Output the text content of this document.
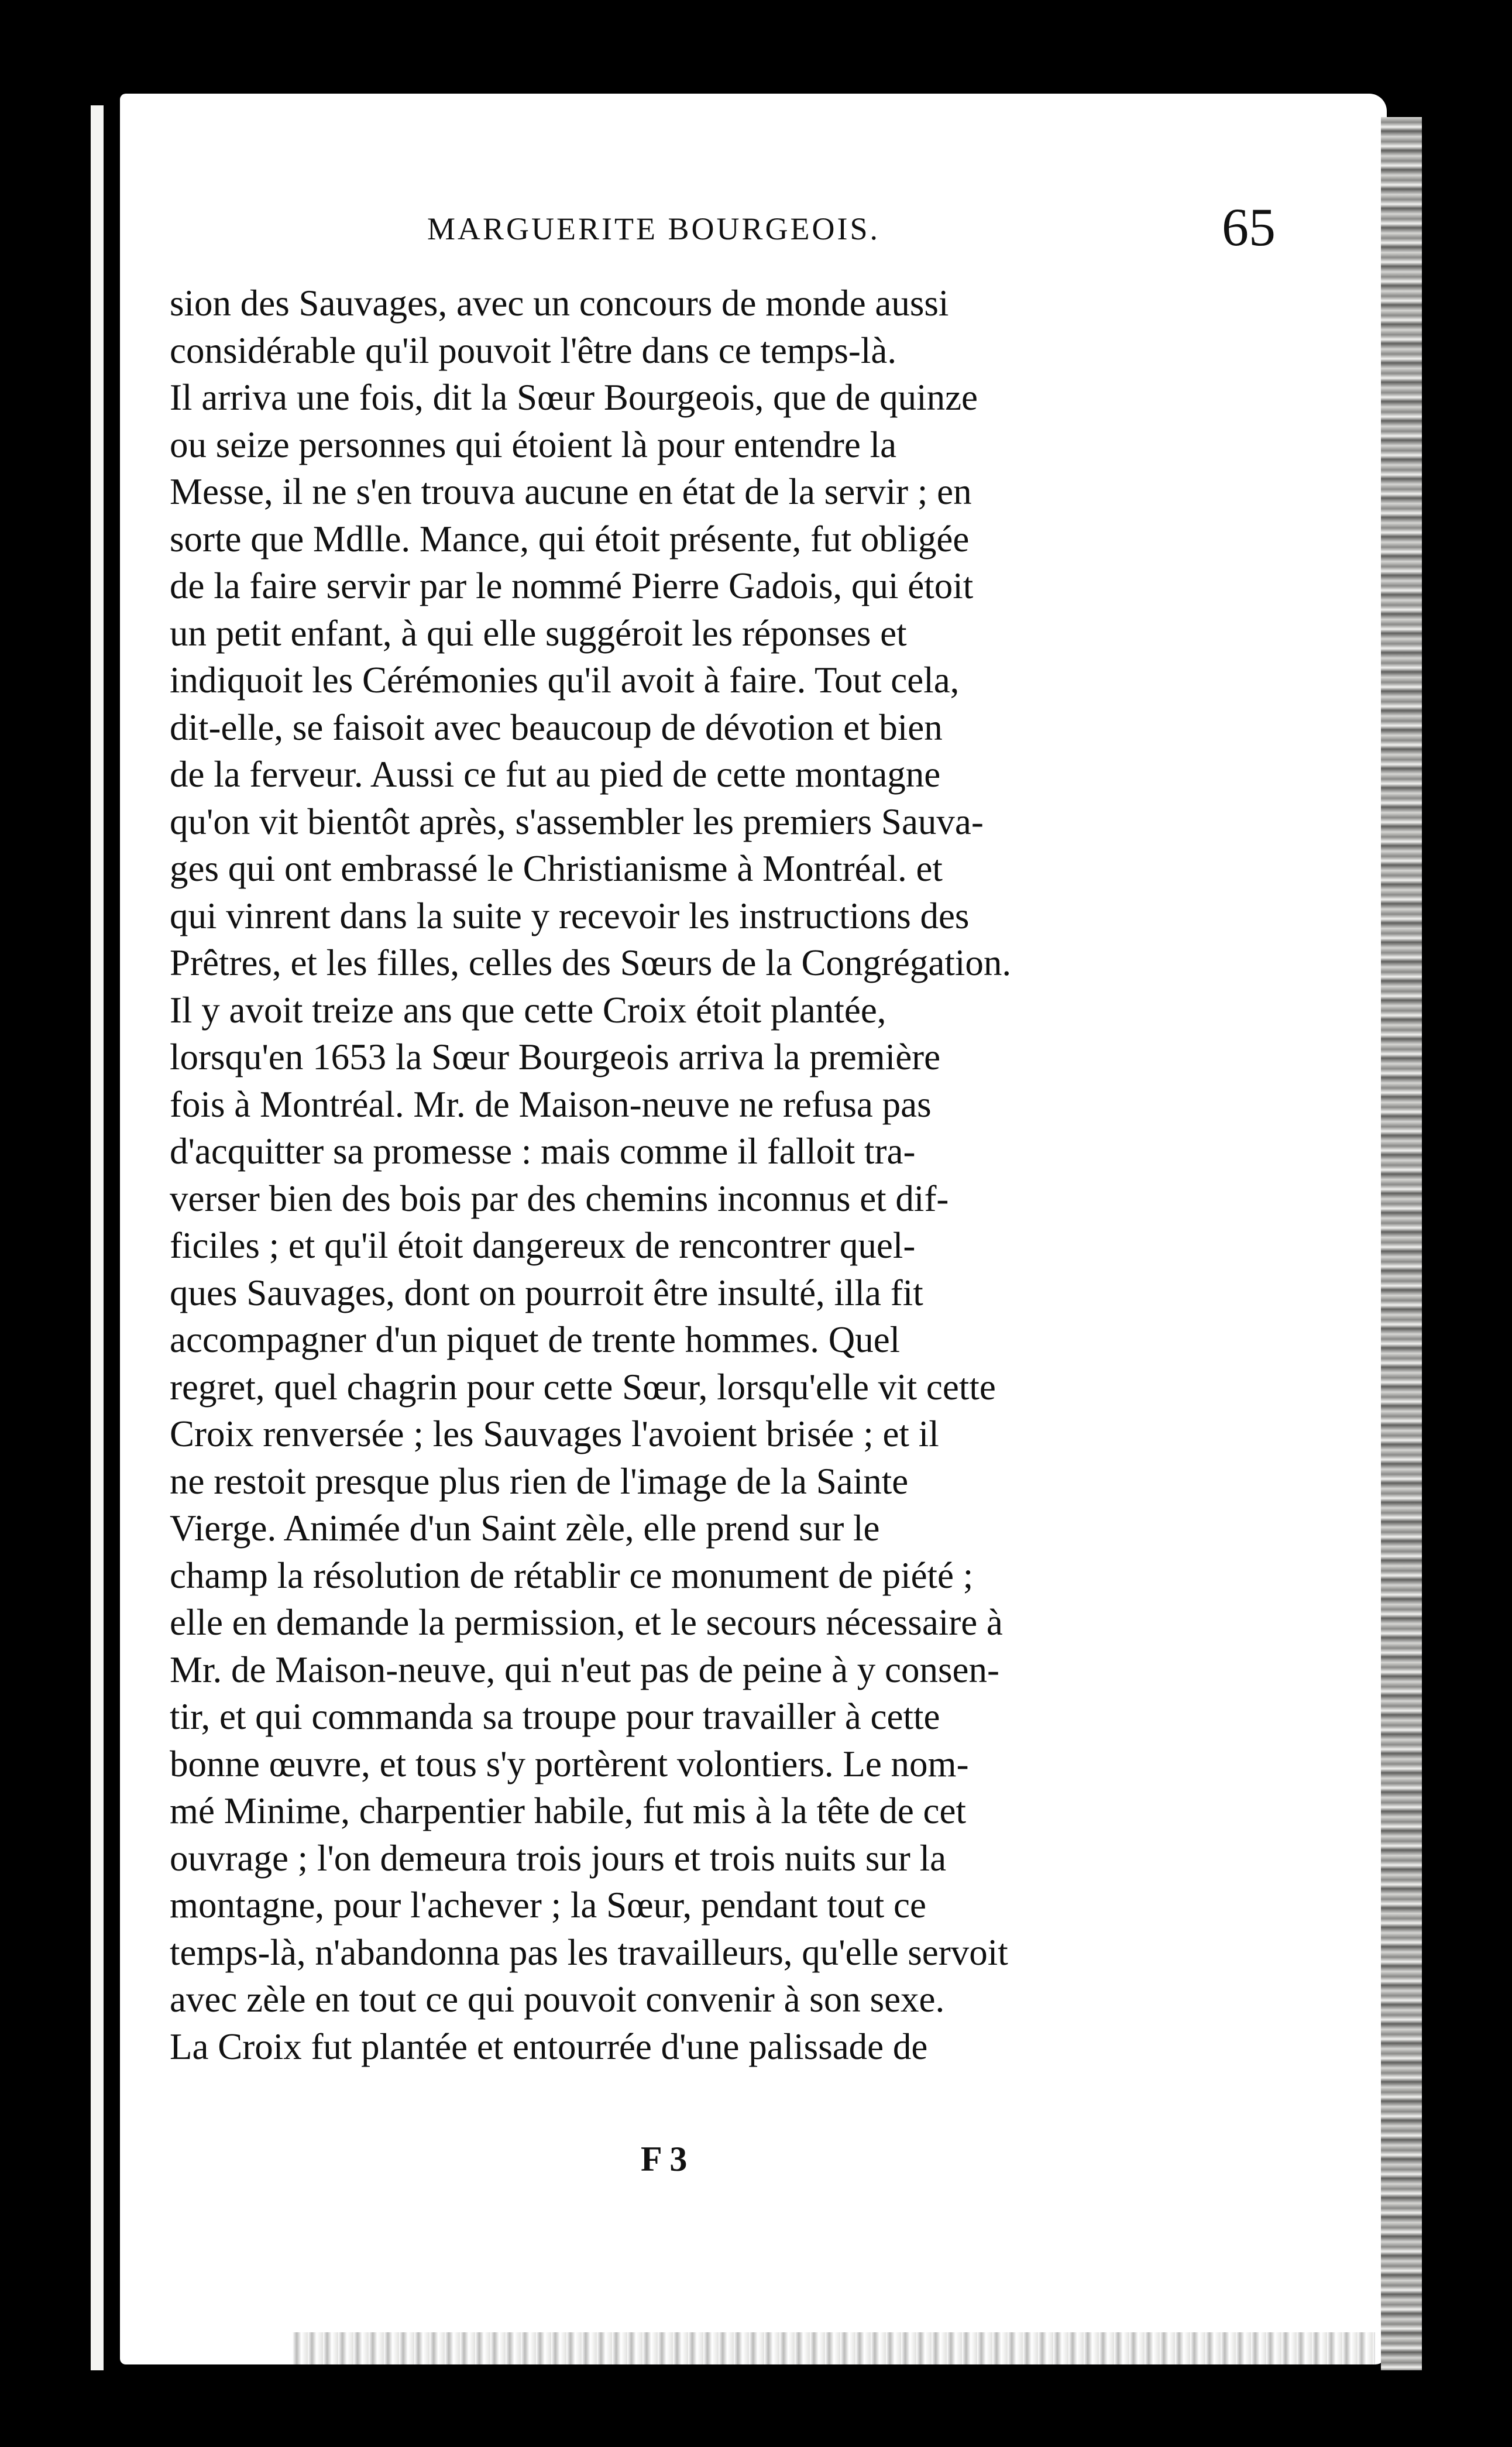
MARGUERITE BOURGEOIS.	65
sion des Sauvages, avec un concours de monde aussi
considérable qu'il pouvoit l'être dans ce temps-là.
Il arriva une fois, dit la Sœur Bourgeois, que de quinze
ou seize personnes qui étoient là pour entendre la
Messe, il ne s'en trouva aucune en état de la servir ; en
sorte que Mdlle. Mance, qui étoit présente, fut obligée
de la faire servir par le nommé Pierre Gadois, qui étoit
un petit enfant, à qui elle suggéroit les réponses et
indiquoit les Cérémonies qu'il avoit à faire. Tout cela,
dit-elle, se faisoit avec beaucoup de dévotion et bien
de la ferveur. Aussi ce fut au pied de cette montagne
qu'on vit bientôt après, s'assembler les premiers Sauva-
ges qui ont embrassé le Christianisme à Montréal. et
qui vinrent dans la suite y recevoir les instructions des
Prêtres, et les filles, celles des Sœurs de la Congrégation.
Il y avoit treize ans que cette Croix étoit plantée,
lorsqu'en 1653 la Sœur Bourgeois arriva la première
fois à Montréal. Mr. de Maison-neuve ne refusa pas
d'acquitter sa promesse : mais comme il falloit tra-
verser bien des bois par des chemins inconnus et dif-
ficiles ; et qu'il étoit dangereux de rencontrer quel-
ques Sauvages, dont on pourroit être insulté, illa fit
accompagner d'un piquet de trente hommes. Quel
regret, quel chagrin pour cette Sœur, lorsqu'elle vit cette
Croix renversée ; les Sauvages l'avoient brisée ; et il
ne restoit presque plus rien de l'image de la Sainte
Vierge. Animée d'un Saint zèle, elle prend sur le
champ la résolution de rétablir ce monument de piété ;
elle en demande la permission, et le secours nécessaire à
Mr. de Maison-neuve, qui n'eut pas de peine à y consen-
tir, et qui commanda sa troupe pour travailler à cette
bonne œuvre, et tous s'y portèrent volontiers. Le nom-
mé Minime, charpentier habile, fut mis à la tête de cet
ouvrage ; l'on demeura trois jours et trois nuits sur la
montagne, pour l'achever ; la Sœur, pendant tout ce
temps-là, n'abandonna pas les travailleurs, qu'elle servoit
avec zèle en tout ce qui pouvoit convenir à son sexe.
La Croix fut plantée et entourrée d'une palissade de
F 3
